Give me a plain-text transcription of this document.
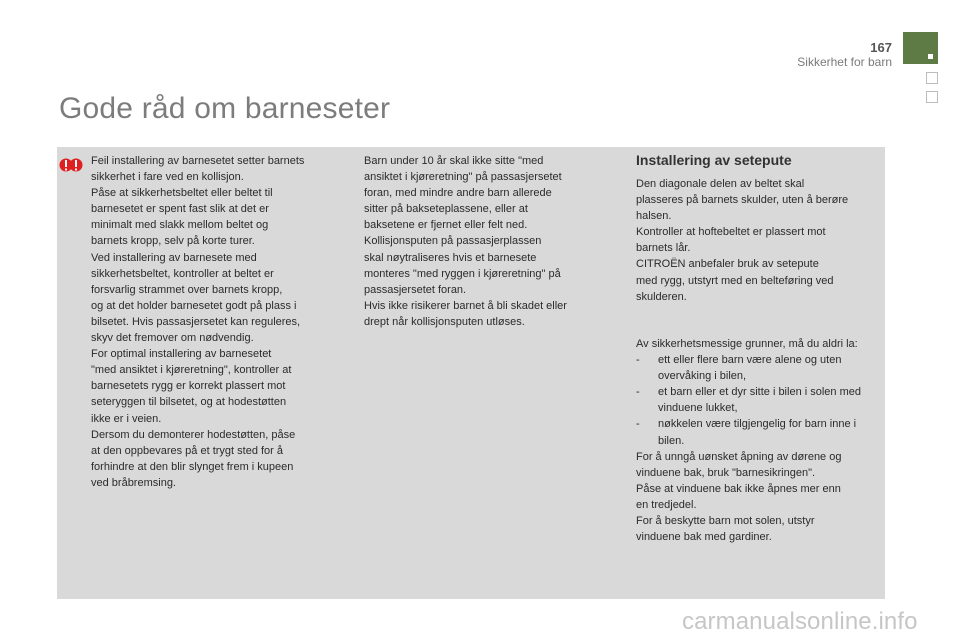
167
Sikkerhet for barn
Gode råd om barneseter

Feil installering av barnesetet setter barnets
sikkerhet i fare ved en kollisjon.
Påse at sikkerhetsbeltet eller beltet til
barnesetet er spent fast slik at det er
minimalt med slakk mellom beltet og
barnets kropp, selv på korte turer.
Ved installering av barnesete med
sikkerhetsbeltet, kontroller at beltet er
forsvarlig strammet over barnets kropp,
og at det holder barnesetet godt på plass i
bilsetet. Hvis passasjersetet kan reguleres,
skyv det fremover om nødvendig.
For optimal installering av barnesetet
"med ansiktet i kjøreretning", kontroller at
barnesetets rygg er korrekt plassert mot
seteryggen til bilsetet, og at hodestøtten
ikke er i veien.
Dersom du demonterer hodestøtten, påse
at den oppbevares på et trygt sted for å
forhindre at den blir slynget frem i kupeen
ved bråbremsing.

Barn under 10 år skal ikke sitte "med
ansiktet i kjøreretning" på passasjersetet
foran, med mindre andre barn allerede
sitter på bakseteplassene, eller at
baksetene er fjernet eller felt ned.
Kollisjonsputen på passasjerplassen
skal nøytraliseres hvis et barnesete
monteres "med ryggen i kjøreretning" på
passasjersetet foran.
Hvis ikke risikerer barnet å bli skadet eller
drept når kollisjonsputen utløses.

Installering av setepute

Den diagonale delen av beltet skal
plasseres på barnets skulder, uten å berøre
halsen.
Kontroller at hoftebeltet er plassert mot
barnets lår.
CITROËN anbefaler bruk av setepute
med rygg, utstyrt med en belteføring ved
skulderen.

Av sikkerhetsmessige grunner, må du aldri la:
- ett eller flere barn være alene og uten overvåking i bilen,
- et barn eller et dyr sitte i bilen i solen med vinduene lukket,
- nøkkelen være tilgjengelig for barn inne i bilen.
For å unngå uønsket åpning av dørene og
vinduene bak, bruk "barnesikringen".
Påse at vinduene bak ikke åpnes mer enn
en tredjedel.
For å beskytte barn mot solen, utstyr
vinduene bak med gardiner.
carmanualsonline.info
